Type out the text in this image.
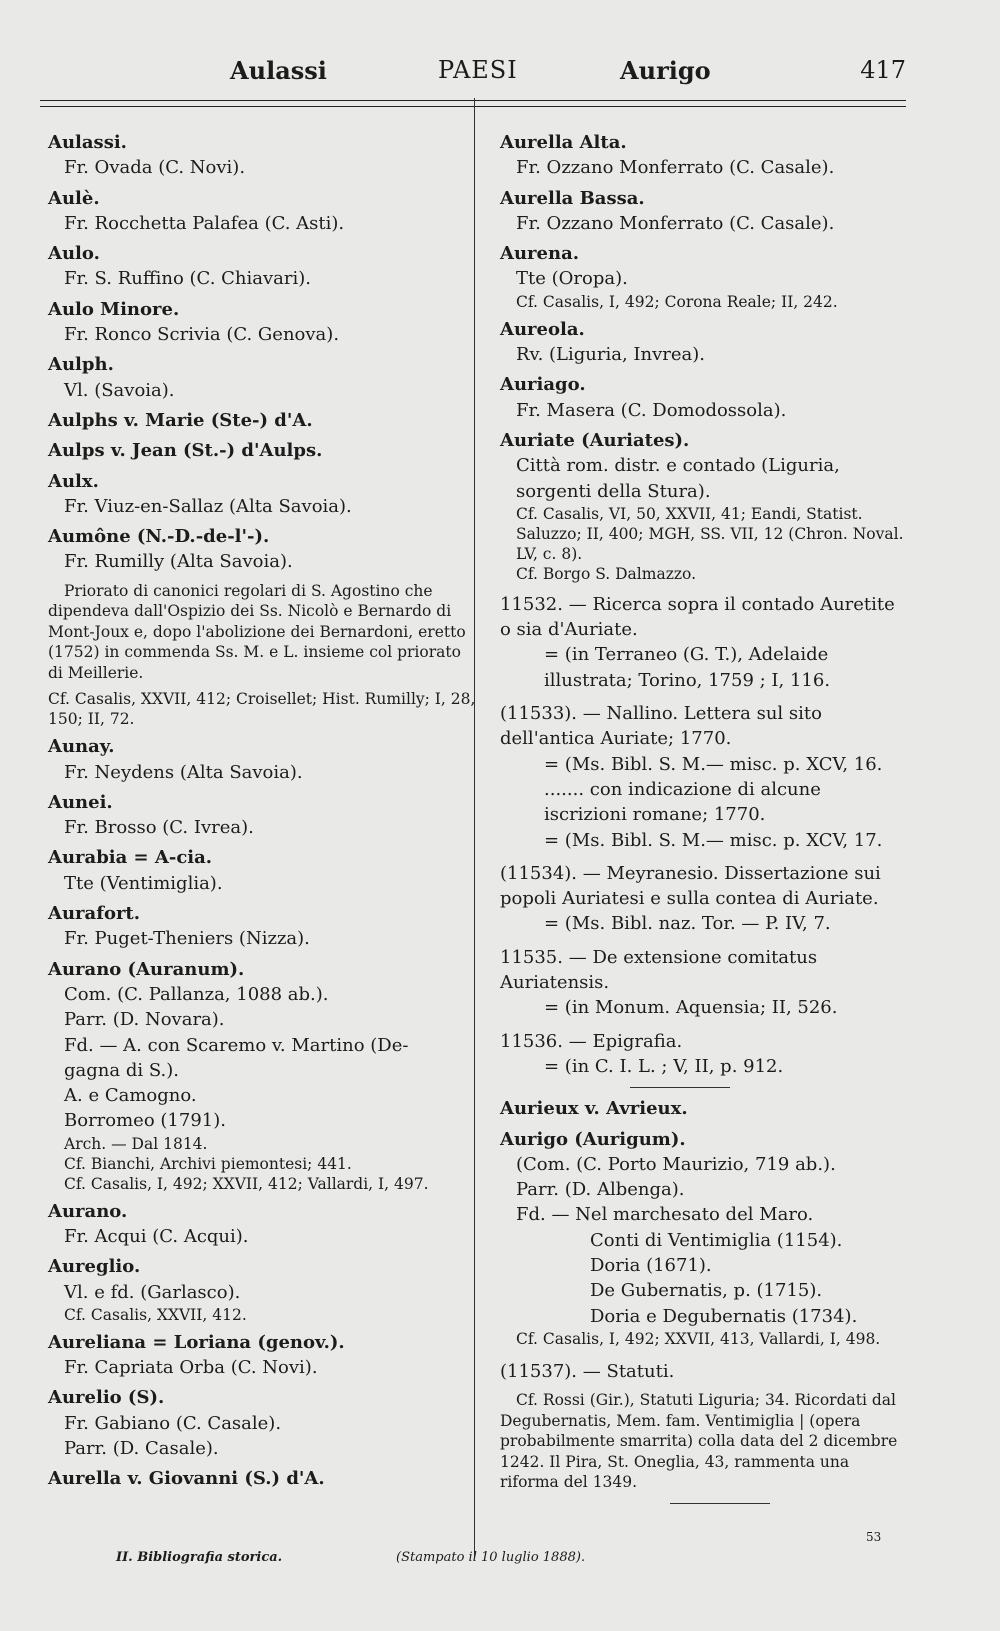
Aulassi	PAESI	Aurigo	417
Aulassi.
Fr. Ovada (C. Novi).
Aulè.
Fr. Rocchetta Palafea (C. Asti).
Aulo.
Fr. S. Ruffino (C. Chiavari).
Aulo Minore.
Fr. Ronco Scrivia (C. Genova).
Aulph.
Vl. (Savoia).
Aulphs v. Marie (Ste-) d'A.
Aulps v. Jean (St.-) d'Aulps.
Aulx.
Fr. Viuz-en-Sallaz (Alta Savoia).
Aumône (N.-D.-de-l'-).
Fr. Rumilly (Alta Savoia).
Priorato di canonici regolari di S. Agostino che dipendeva dall'Ospizio dei Ss. Nicolò e Bernardo di Mont-Joux e, dopo l'abolizione dei Bernardoni, eretto (1752) in commenda Ss. M. e L. insieme col priorato di Meillerie.
Cf. Casalis, XXVII, 412; Croisellet; Hist. Rumilly; I, 28, 150; II, 72.
Aunay.
Fr. Neydens (Alta Savoia).
Aunei.
Fr. Brosso (C. Ivrea).
Aurabia = A-cia.
Tte (Ventimiglia).
Aurafort.
Fr. Puget-Theniers (Nizza).
Aurano (Auranum).
Com. (C. Pallanza, 1088 ab.).
Parr. (D. Novara).
Fd. — A. con Scaremo v. Martino (De-
gagna di S.).
A. e Camogno.
Borromeo (1791).
Arch. — Dal 1814.
Cf. Bianchi, Archivi piemontesi; 441.
Cf. Casalis, I, 492; XXVII, 412; Vallardi, I, 497.
Aurano.
Fr. Acqui (C. Acqui).
Aureglio.
Vl. e fd. (Garlasco).
Cf. Casalis, XXVII, 412.
Aureliana = Loriana (genov.).
Fr. Capriata Orba (C. Novi).
Aurelio (S).
Fr. Gabiano (C. Casale).
Parr. (D. Casale).
Aurella v. Giovanni (S.) d'A.
Aurella Alta.
Fr. Ozzano Monferrato (C. Casale).
Aurella Bassa.
Fr. Ozzano Monferrato (C. Casale).
Aurena.
Tte (Oropa).
Cf. Casalis, I, 492; Corona Reale; II, 242.
Aureola.
Rv. (Liguria, Invrea).
Auriago.
Fr. Masera (C. Domodossola).
Auriate (Auriates).
Città rom. distr. e contado (Liguria,
sorgenti della Stura).
Cf. Casalis, VI, 50, XXVII, 41; Eandi, Statist. Saluzzo; II, 400; MGH, SS. VII, 12 (Chron. Noval. LV, c. 8).
Cf. Borgo S. Dalmazzo.
11532. — Ricerca sopra il contado Auretite o sia d'Auriate.
= (in Terraneo (G. T.), Adelaide illustrata; Torino, 1759 ; I, 116.
(11533). — Nallino. Lettera sul sito dell'antica Auriate; 1770.
= (Ms. Bibl. S. M.— misc. p. XCV, 16.
....... con indicazione di alcune iscrizioni romane; 1770.
= (Ms. Bibl. S. M.— misc. p. XCV, 17.
(11534). — Meyranesio. Dissertazione sui popoli Auriatesi e sulla contea di Auriate.
= (Ms. Bibl. naz. Tor. — P. IV, 7.
11535. — De extensione comitatus Auriatensis.
= (in Monum. Aquensia; II, 526.
11536. — Epigrafia.
= (in C. I. L. ; V, II, p. 912.
Aurieux v. Avrieux.
Aurigo (Aurigum).
(Com. (C. Porto Maurizio, 719 ab.).
Parr. (D. Albenga).
Fd. — Nel marchesato del Maro.
Conti di Ventimiglia (1154).
Doria (1671).
De Gubernatis, p. (1715).
Doria e Degubernatis (1734).
Cf. Casalis, I, 492; XXVII, 413, Vallardi, I, 498.
(11537). — Statuti.
Cf. Rossi (Gir.), Statuti Liguria; 34. Ricordati dal Degubernatis, Mem. fam. Ventimiglia | (opera probabilmente smarrita) colla data del 2 dicembre 1242. Il Pira, St. Oneglia, 43, rammenta una riforma del 1349.
II. Bibliografia storica.	(Stampato il 10 luglio 1888).
53
